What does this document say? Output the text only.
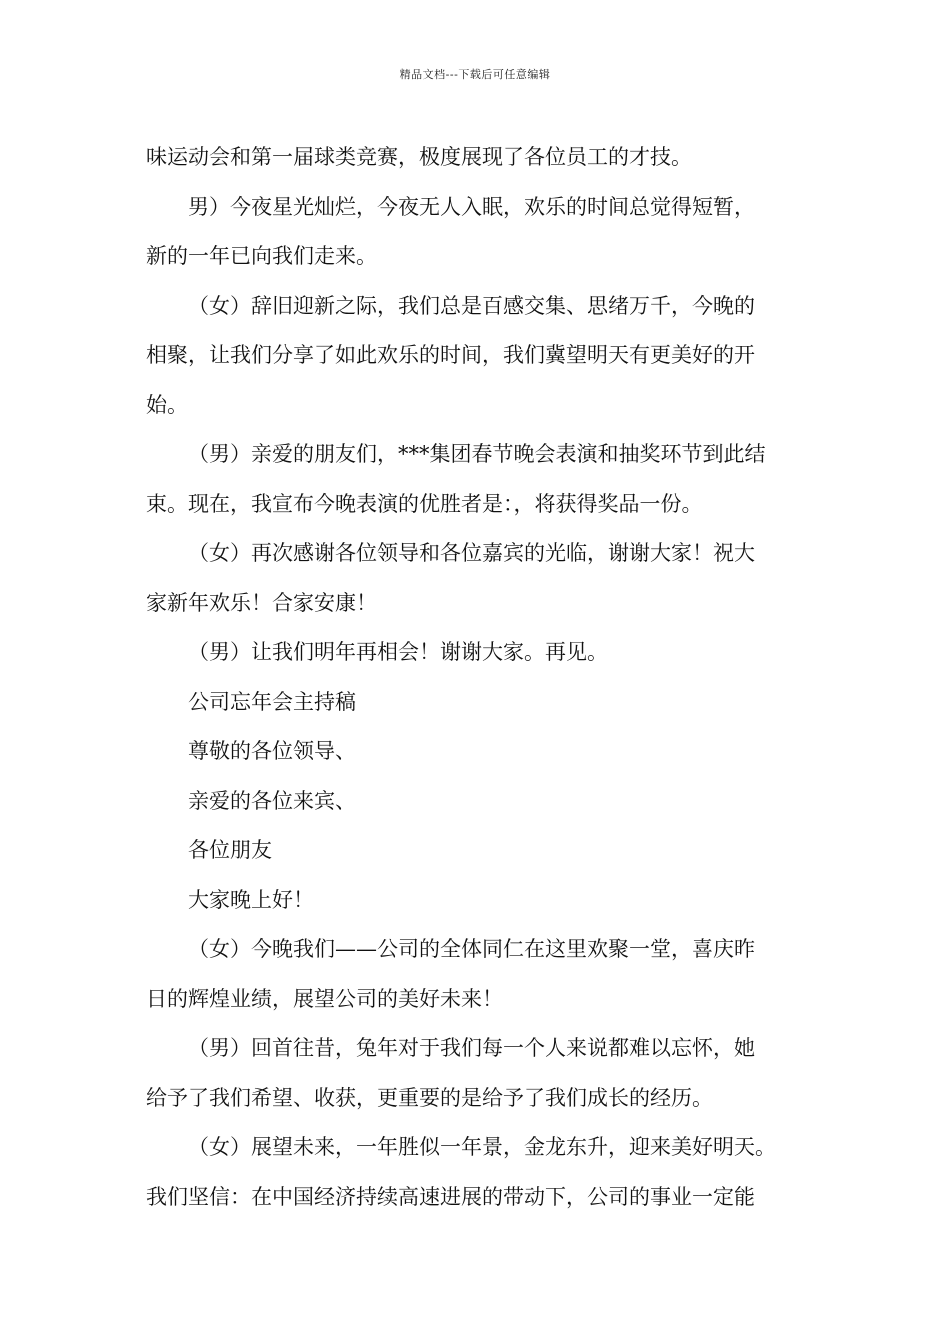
精品文档---下载后可任意编辑
味运动会和第一届球类竞赛，极度展现了各位员工的才技。
男）今夜星光灿烂，今夜无人入眠，欢乐的时间总觉得短暂，
新的一年已向我们走来。
（女）辞旧迎新之际，我们总是百感交集、思绪万千，今晚的
相聚，让我们分享了如此欢乐的时间，我们冀望明天有更美好的开
始。
（男）亲爱的朋友们，***集团春节晚会表演和抽奖环节到此结
束。现在，我宣布今晚表演的优胜者是：，将获得奖品一份。
（女）再次感谢各位领导和各位嘉宾的光临，谢谢大家！祝大
家新年欢乐！合家安康！
（男）让我们明年再相会！谢谢大家。再见。
公司忘年会主持稿
尊敬的各位领导、
亲爱的各位来宾、
各位朋友
大家晚上好！
（女）今晚我们——公司的全体同仁在这里欢聚一堂，喜庆昨
日的辉煌业绩，展望公司的美好未来！
（男）回首往昔，兔年对于我们每一个人来说都难以忘怀，她
给予了我们希望、收获，更重要的是给予了我们成长的经历。
（女）展望未来，一年胜似一年景，金龙东升，迎来美好明天。
我们坚信：在中国经济持续高速进展的带动下，公司的事业一定能
